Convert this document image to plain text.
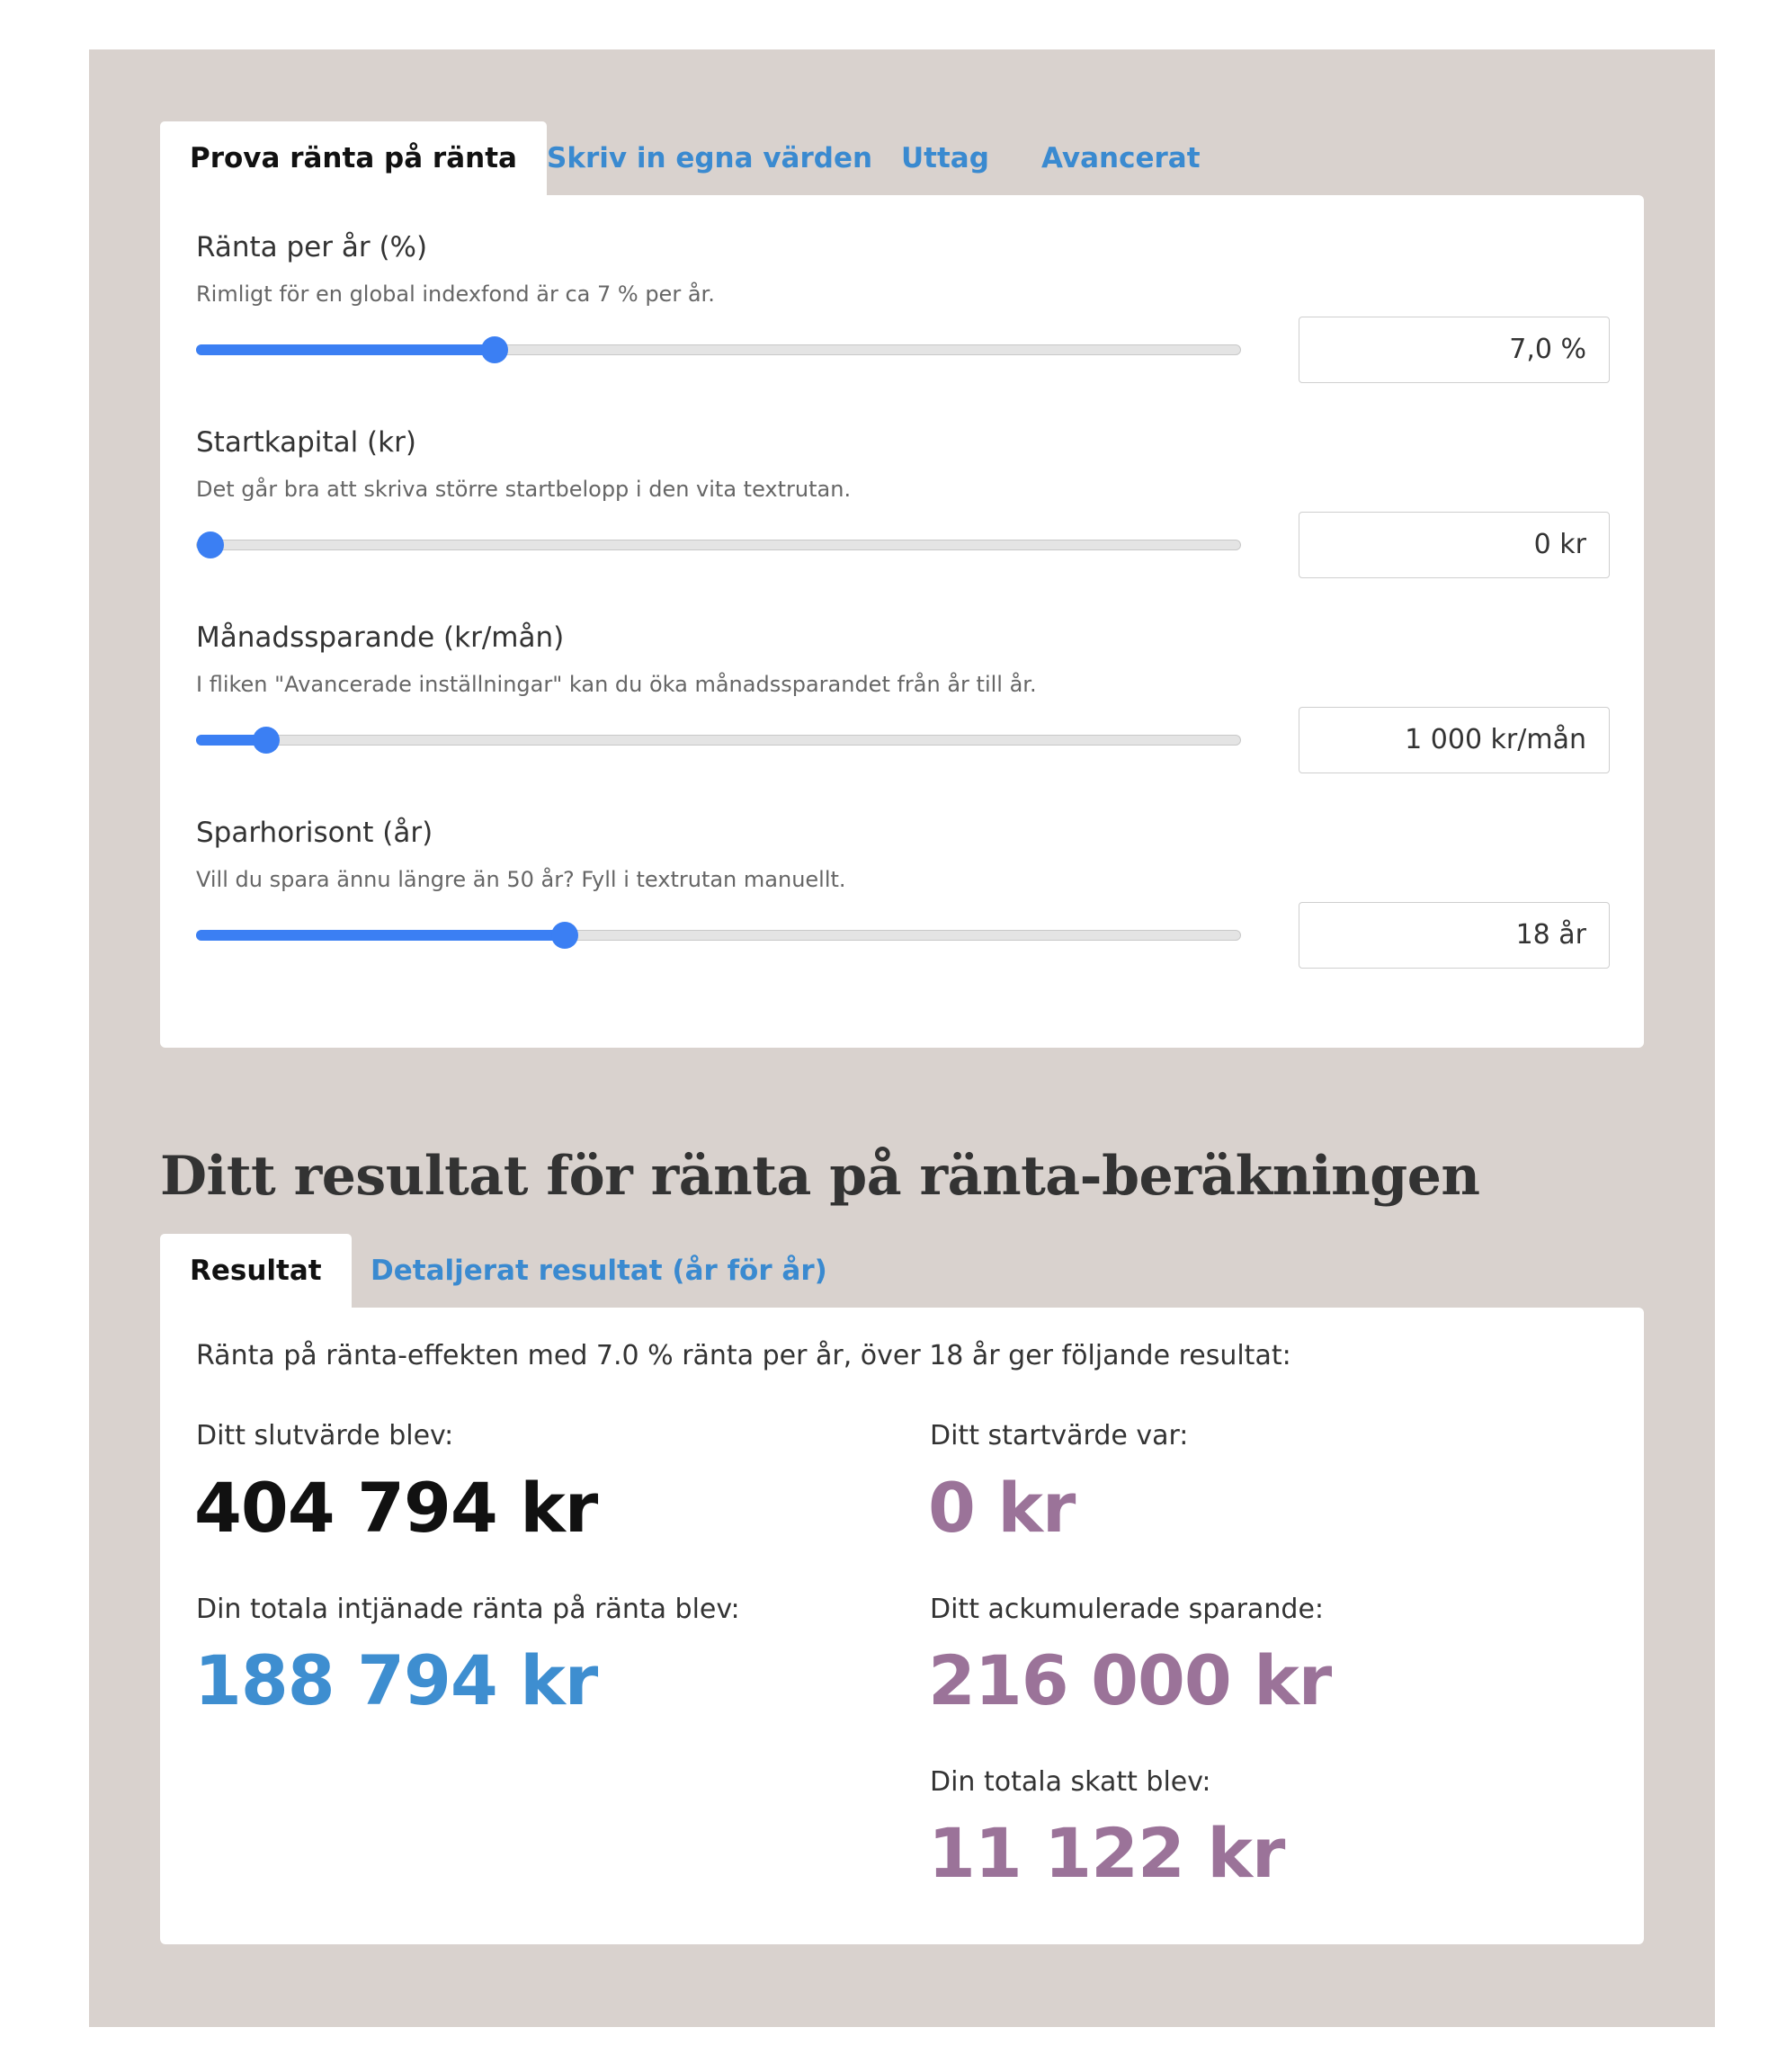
Prova ränta på ränta	Skriv in egna värden Uttag Avancerat
Ränta per år (%)
Rimligt för en global indexfond är ca 7 % per år.
7,0 %
Startkapital (kr)
Det går bra att skriva större startbelopp i den vita textrutan.
0 kr
Månadssparande (kr/mån)
I fliken "Avancerade inställningar" kan du öka månadssparandet från år till år.
1 000 kr/mån
Sparhorisont (år)
Vill du spara ännu längre än 50 år? Fyll i textrutan manuellt.
18 år
Ditt resultat för ränta på ränta-beräkningen
Resultat	Detaljerat resultat (år för år)
Ränta på ränta-effekten med 7.0 % ränta per år, över 18 år ger följande resultat:
Ditt slutvärde blev:
404 794 kr
Din totala intjänade ränta på ränta blev:
188 794 kr
Ditt startvärde var:
0 kr
Ditt ackumulerade sparande:
216 000 kr
Din totala skatt blev:
11 122 kr
